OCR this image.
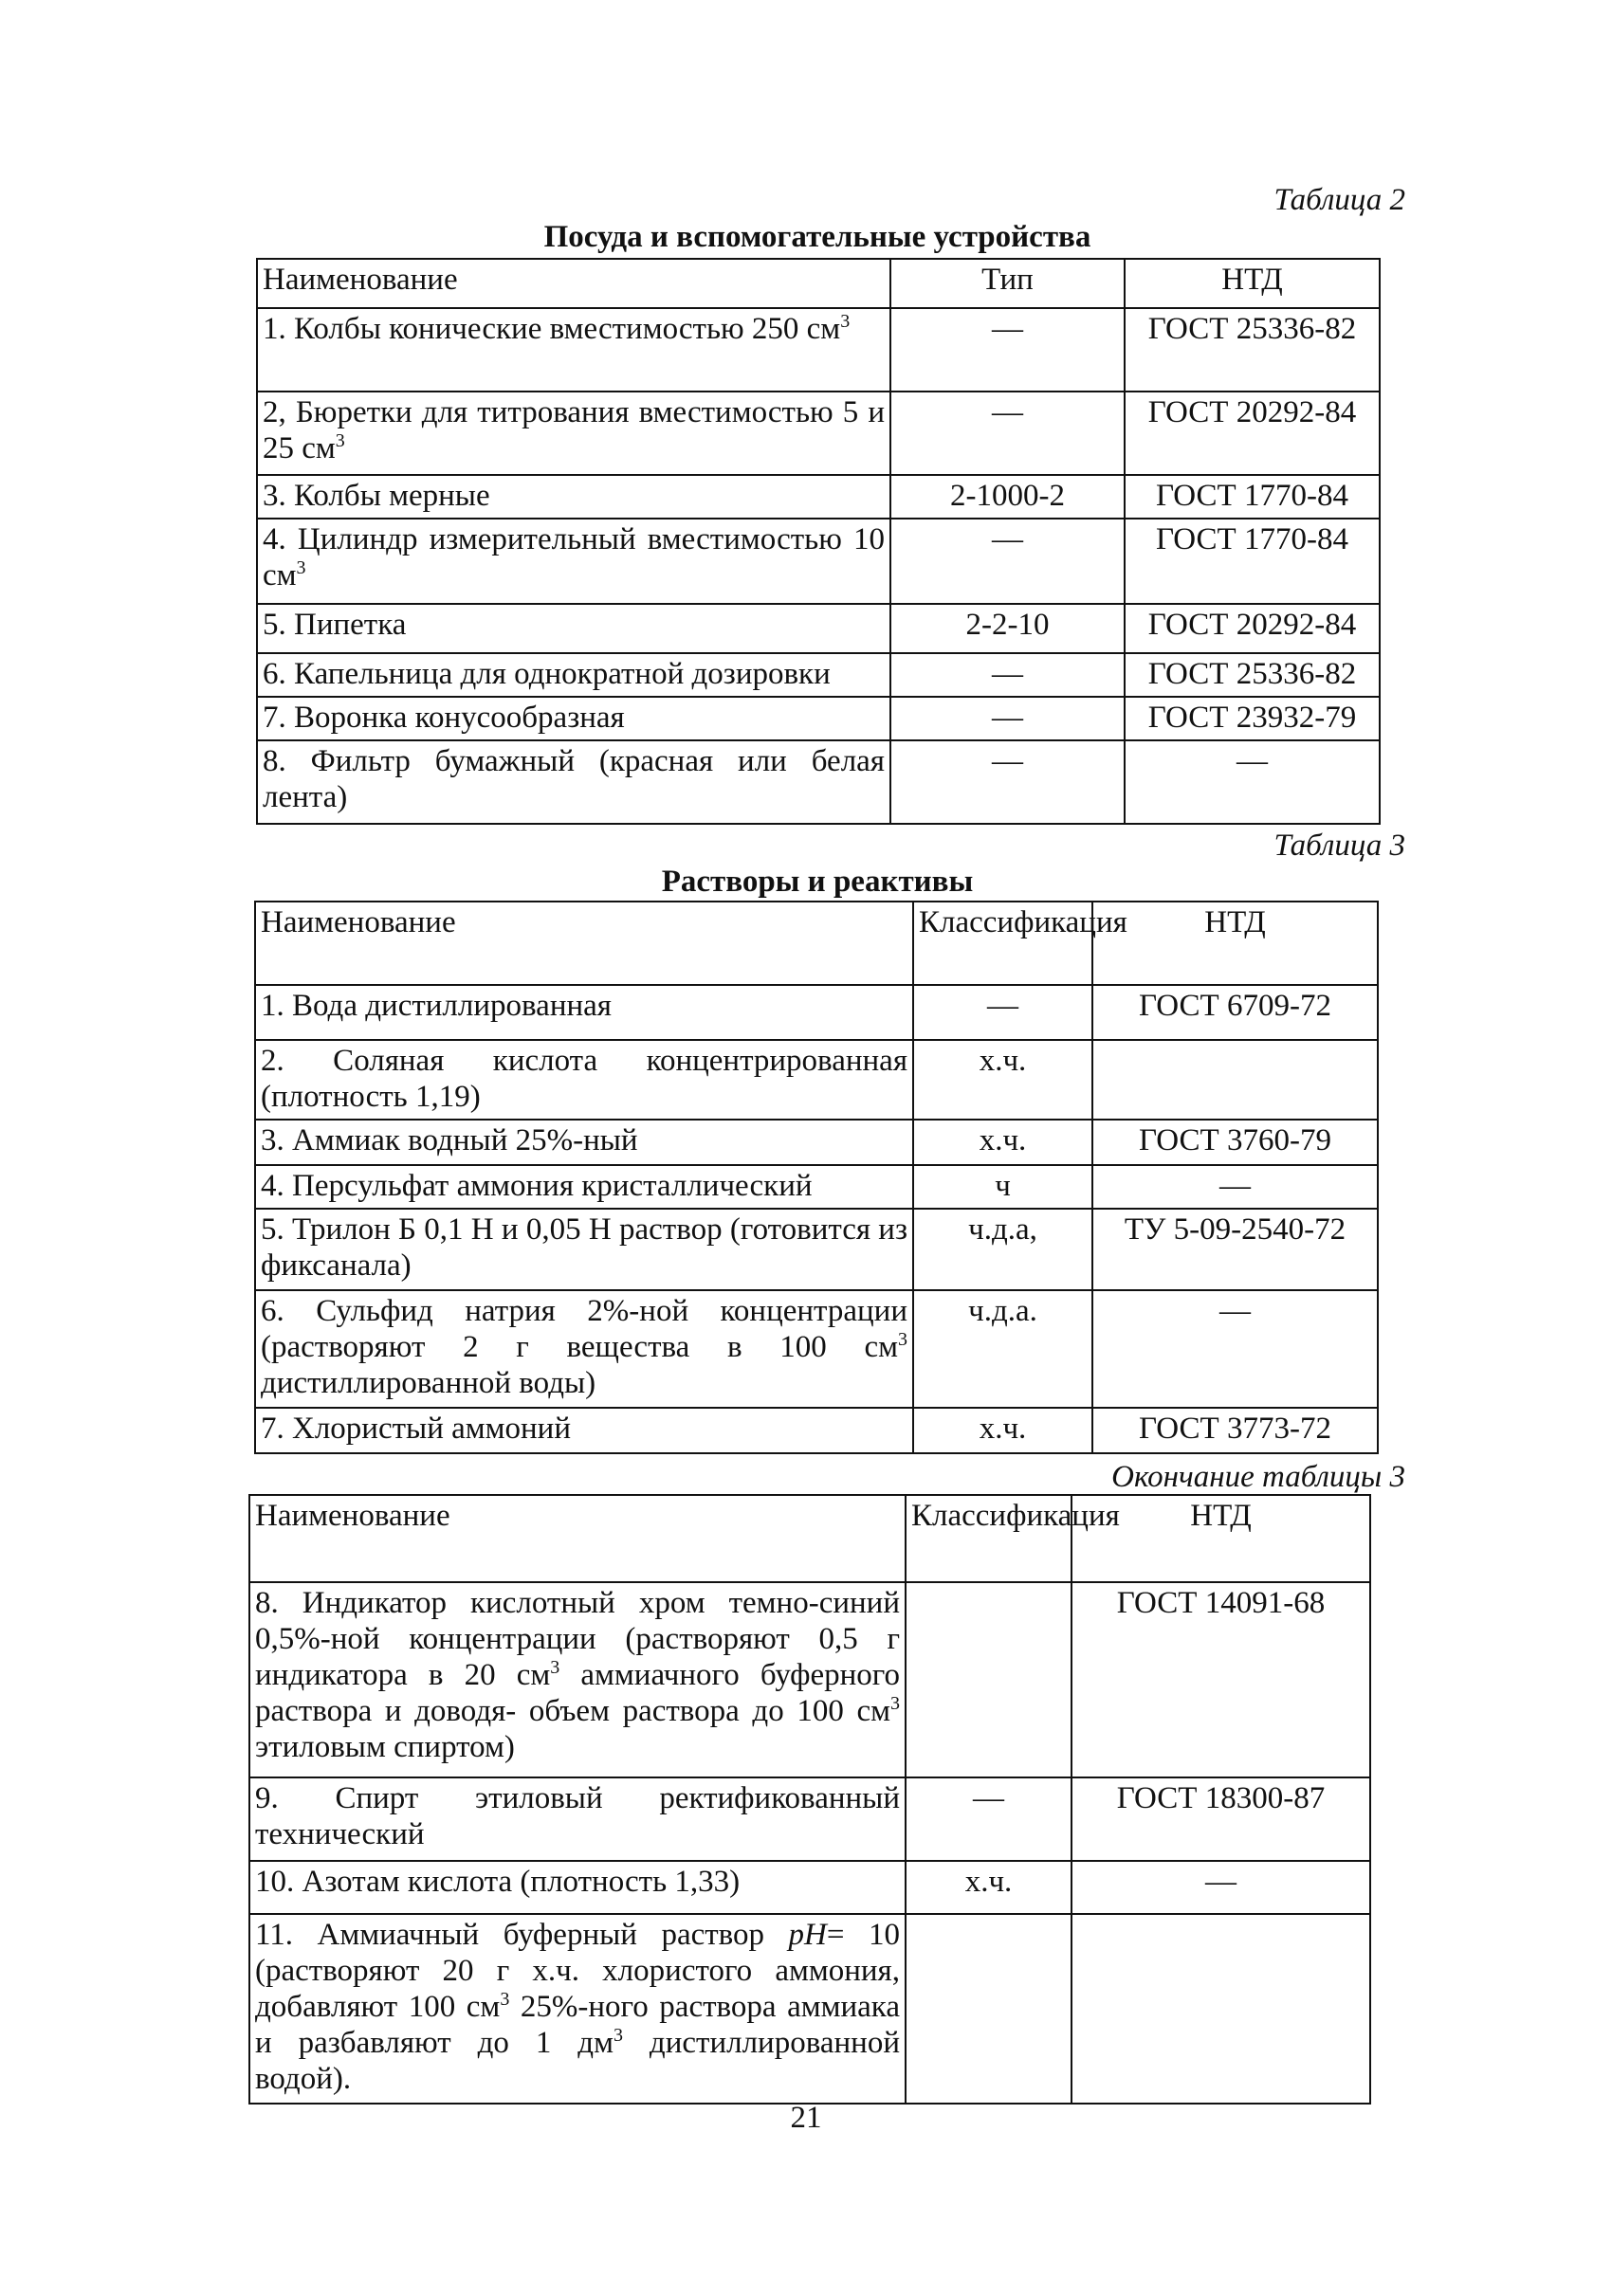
Таблица 2
Посуда и вспомогательные устройства
Наименование	Тип	НТД
1. Колбы конические вместимостью 250 $см^3$	—	ГОСТ 25336-82
2, Бюретки для титрования вместимостью 5 и 25 $см^3$	—	ГОСТ 20292-84
3. Колбы мерные	2-1000-2	ГОСТ 1770-84
4. Цилиндр измерительный вместимостью 10 $см^3$	—	ГОСТ 1770-84
5. Пипетка	2-2-10	ГОСТ 20292-84
6. Капельница для однократной дозировки	—	ГОСТ 25336-82
7. Воронка конусообразная	—	ГОСТ 23932-79
8. Фильтр бумажный (красная или белая лента)	—	—
Таблица 3
Растворы и реактивы
Наименование	Классификация	НТД
1. Вода дистиллированная	—	ГОСТ 6709-72
2. Соляная кислота концентрированная (плотность 1,19)	х.ч.	
3. Аммиак водный 25%-ный	х.ч.	ГОСТ 3760-79
4. Персульфат аммония кристаллический	ч	—
5. Трилон Б 0,1 Н и 0,05 Н раствор (готовится из фиксанала)	ч.д.а,	ТУ 5-09-2540-72
6. Сульфид натрия 2%-ной концентрации (растворяют 2 г вещества в 100 $см^3$ дистиллированной воды)	ч.д.а.	—
7. Хлористый аммоний	х.ч.	ГОСТ 3773-72
Окончание таблицы 3
Наименование	Классификация	НТД
8. Индикатор кислотный хром темно-синий 0,5%-ной концентрации (растворяют 0,5 г индикатора в 20 $см^3$ аммиачного буферного раствора и доводя- объем раствора до 100 $см^3$ этиловым спиртом)		ГОСТ 14091-68
9. Спирт этиловый ректификованный технический	—	ГОСТ 18300-87
10. Азотам кислота (плотность 1,33)	х.ч.	—
11. Аммиачный буферный раствор pH= 10 (растворяют 20 г х.ч. хлористого аммония, добавляют 100 $см^3$ 25%-ного раствора аммиака и разбавляют до 1 $дм^3$ дистиллированной водой).		
21
